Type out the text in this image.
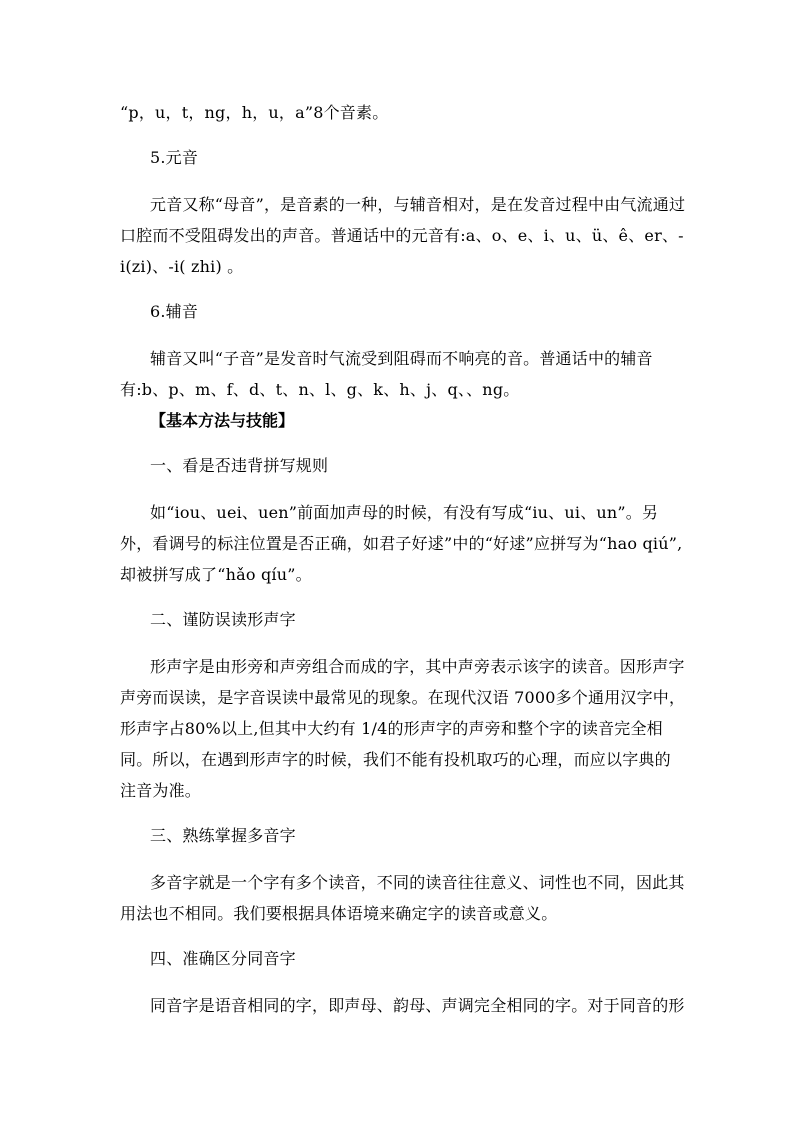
“p，u，t，ng，h，u，a”8个音素。

5.元音

元音又称“母音”，是音素的一种，与辅音相对，是在发音过程中由气流通过口腔而不受阻碍发出的声音。普通话中的元音有:a、o、e、i、u、ü、ê、er、-i(zi)、-i( zhi) 。

6.辅音

辅音又叫“子音”是发音时气流受到阻碍而不响亮的音。普通话中的辅音有:b、p、m、f、d、t、n、l、g、k、h、j、q、、ng。

【基本方法与技能】

一、看是否违背拼写规则

如“iou、uei、uen”前面加声母的时候，有没有写成“iu、ui、un”。另外，看调号的标注位置是否正确，如君子好逑”中的“好逑”应拼写为“hao qiú”,却被拼写成了“hǎo qíu”。

二、谨防误读形声字

形声字是由形旁和声旁组合而成的字，其中声旁表示该字的读音。因形声字声旁而误读，是字音误读中最常见的现象。在现代汉语 7000多个通用汉字中，形声字占80%以上,但其中大约有 1/4的形声字的声旁和整个字的读音完全相同。所以，在遇到形声字的时候，我们不能有投机取巧的心理，而应以字典的注音为准。

三、熟练掌握多音字

多音字就是一个字有多个读音，不同的读音往往意义、词性也不同，因此其用法也不相同。我们要根据具体语境来确定字的读音或意义。

四、准确区分同音字

同音字是语音相同的字，即声母、韵母、声调完全相同的字。对于同音的形
